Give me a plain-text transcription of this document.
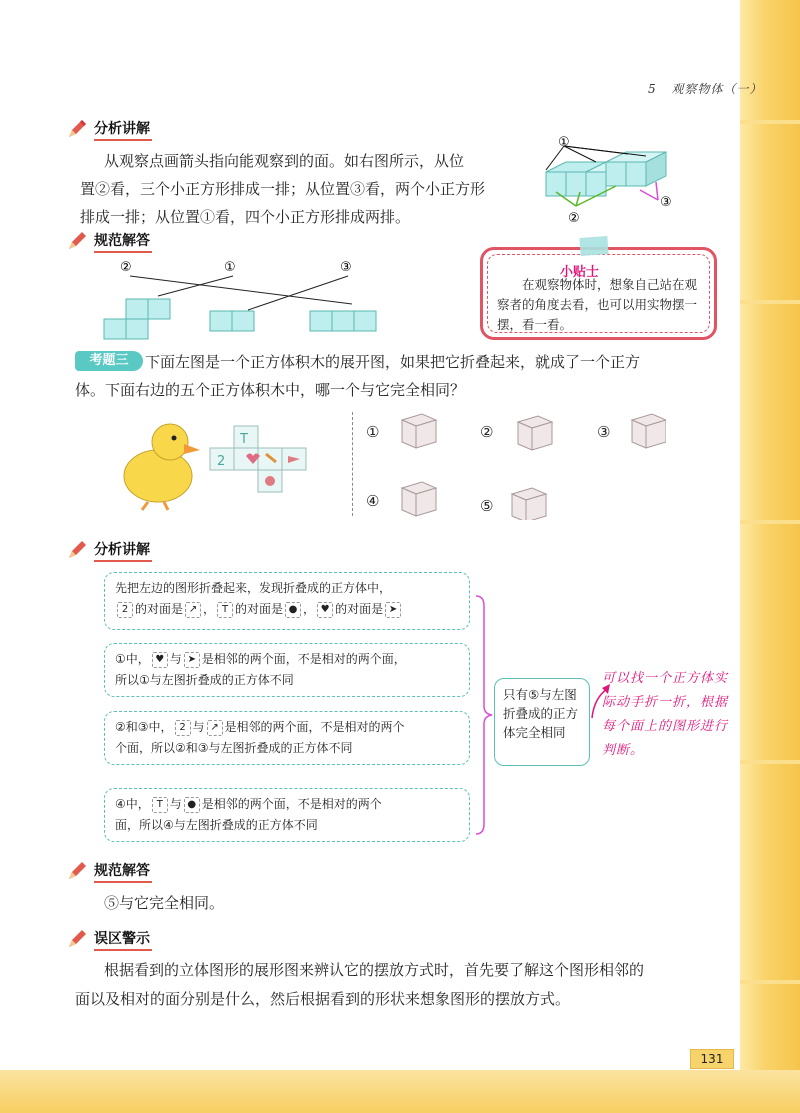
5 观察物体（一）
分析讲解
从观察点画箭头指向能观察到的面。如右图所示，从位
置②看，三个小正方形排成一排；从位置③看，两个小正方形
排成一排；从位置①看，四个小正方形排成两排。
①
②
③
规范解答
②	①	③	小贴士
在观察物体时，想象自己站在观察者的角度去看，也可以用实物摆一摆，看一看。
考题三	下面左图是一个正方体积木的展开图，如果把它折叠起来，就成了一个正方
体。下面右边的五个正方体积木中，哪一个与它完全相同？
T
2
①	②	③
④	⑤
分析讲解
先把左边的图形折叠起来，发现折叠成的正方体中，
2 的对面是 ↗ ， T 的对面是 ● ， ♥ 的对面是 ➤
①中， ♥ 与 ➤ 是相邻的两个面，不是相对的两个面，
所以①与左图折叠成的正方体不同
②和③中， 2 与 ↗ 是相邻的两个面，不是相对的两个
个面，所以②和③与左图折叠成的正方体不同
④中， T 与 ● 是相邻的两个面，不是相对的两个
面，所以④与左图折叠成的正方体不同
只有⑤与左图折叠成的正方体完全相同
可以找一个正方体实际动手折一折，根据每个面上的图形进行判断。
规范解答
⑤与它完全相同。
误区警示
根据看到的立体图形的展形图来辨认它的摆放方式时，首先要了解这个图形相邻的
面以及相对的面分别是什么，然后根据看到的形状来想象图形的摆放方式。
131
